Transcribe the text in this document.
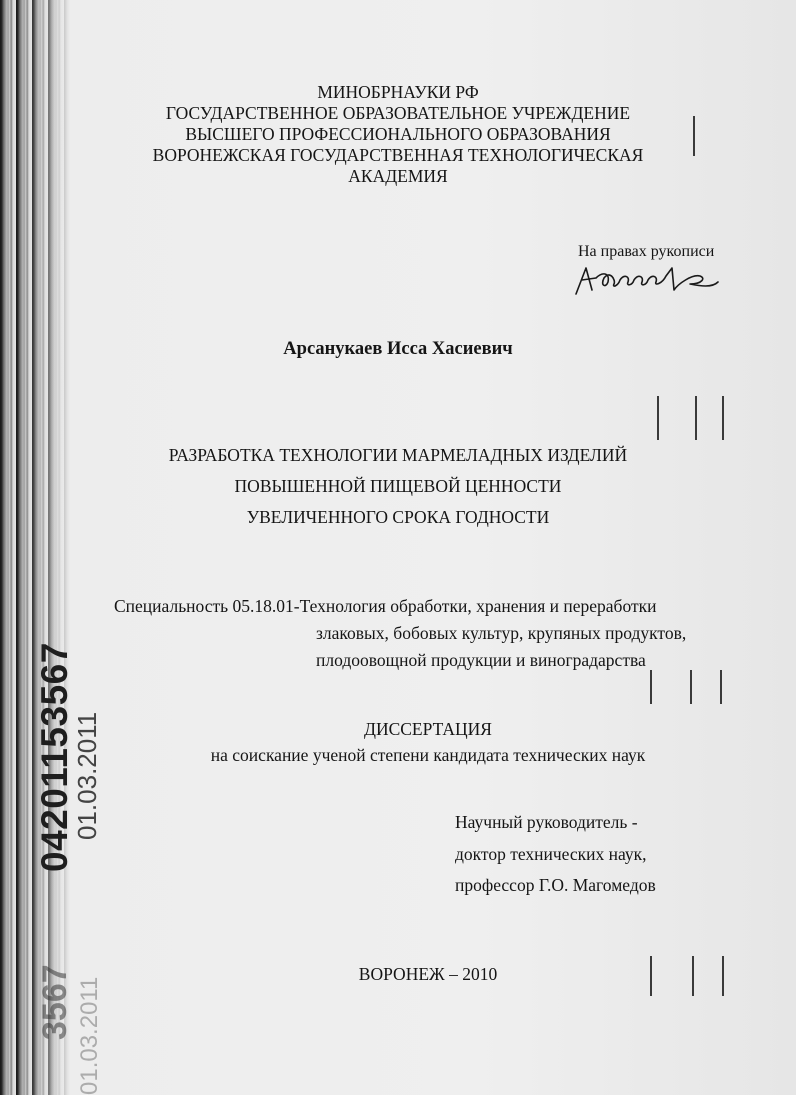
МИНОБРНАУКИ РФ
ГОСУДАРСТВЕННОЕ ОБРАЗОВАТЕЛЬНОЕ УЧРЕЖДЕНИЕ
ВЫСШЕГО ПРОФЕССИОНАЛЬНОГО ОБРАЗОВАНИЯ
ВОРОНЕЖСКАЯ ГОСУДАРСТВЕННАЯ ТЕХНОЛОГИЧЕСКАЯ
АКАДЕМИЯ
На правах рукописи
Арсанукаев Исса Хасиевич
РАЗРАБОТКА ТЕХНОЛОГИИ МАРМЕЛАДНЫХ ИЗДЕЛИЙ
ПОВЫШЕННОЙ ПИЩЕВОЙ ЦЕННОСТИ
УВЕЛИЧЕННОГО СРОКА ГОДНОСТИ
Специальность 05.18.01-Технология обработки, хранения и переработки
злаковых, бобовых культур, крупяных продуктов,
плодоовощной продукции и виноградарства
ДИССЕРТАЦИЯ
на соискание ученой степени кандидата технических наук
Научный руководитель -
доктор технических наук,
профессор Г.О. Магомедов
ВОРОНЕЖ – 2010
04201153567
01.03.2011
3567 01.03.2011
